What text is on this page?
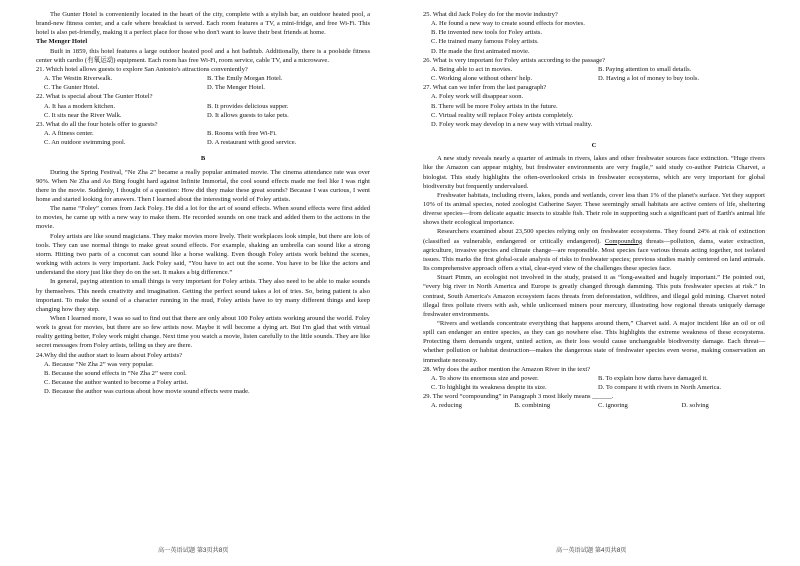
The Gunter Hotel is conveniently located in the heart of the city, complete with a stylish bar, an outdoor heated pool, a brand-new fitness center, and a cafe where breakfast is served. Each room features a TV, a mini-fridge, and free Wi-Fi. This hotel is also pet-friendly, making it a perfect place for those who don't want to leave their best friends at home.

The Menger Hotel

Built in 1859, this hotel features a large outdoor heated pool and a hot bathtub. Additionally, there is a poolside fitness center with cardio (有氧运动) equipment. Each room has free Wi-Fi, room service, cable TV, and a microwave.

21. Which hotel allows guests to explore San Antonio's attractions conveniently?

A. The Westin Riverwalk.	B. The Emily Morgan Hotel.
C. The Gunter Hotel.	D. The Menger Hotel.

22. What is special about The Gunter Hotel?

A. It has a modern kitchen.	B. It provides delicious supper.
C. It sits near the River Walk.	D. It allows guests to take pets.

23. What do all the four hotels offer to guests?

A. A fitness center.	B. Rooms with free Wi-Fi.
C. An outdoor swimming pool.	D. A restaurant with good service.
B

During the Spring Festival, “Ne Zha 2” became a really popular animated movie. The cinema attendance rate was over 90%. When Ne Zha and Ao Bing fought hard against Infinite Immortal, the cool sound effects made me feel like I was right there in the movie. Suddenly, I thought of a question: How did they make these great sounds? Because I was curious, I went home and started looking for answers. Then I learned about the interesting world of Foley artists.

The name “Foley” comes from Jack Foley. He did a lot for the art of sound effects. When sound effects were first added to movies, he came up with a new way to make them. He recorded sounds on one track and added them to the actions in the movie.

Foley artists are like sound magicians. They make movies more lively. Their workplaces look simple, but there are lots of tools. They can use normal things to make great sound effects. For example, shaking an umbrella can sound like a strong storm. Hitting two parts of a coconut can sound like a horse walking. Even though Foley artists work behind the scenes, working with actors is very important. Jack Foley said, “You have to act out the scene. You have to be like the actors and understand the story just like they do on the set. It makes a big difference.”

In general, paying attention to small things is very important for Foley artists. They also need to be able to make sounds by themselves. This needs creativity and imagination. Getting the perfect sound takes a lot of tries. So, being patient is also important. To make the sound of a character running in the mud, Foley artists have to try many different things and keep changing how they step.

When I learned more, I was so sad to find out that there are only about 100 Foley artists working around the world. Foley work is great for movies, but there are so few artists now. Maybe it will become a dying art. But I'm glad that with virtual reality getting better, Foley work might change. Next time you watch a movie, listen carefully to the little sounds. They are like secret messages from Foley artists, telling us they are there.

24.Why did the author start to learn about Foley artists?

A. Because “Ne Zha 2” was very popular.
B. Because the sound effects in “Ne Zha 2” were cool.
C. Because the author wanted to become a Foley artist.
D. Because the author was curious about how movie sound effects were made.

25. What did Jack Foley do for the movie industry?

A. He found a new way to create sound effects for movies.
B. He invented new tools for Foley artists.
C. He trained many famous Foley artists.
D. He made the first animated movie.

26. What is very important for Foley artists according to the passage?

A. Being able to act in movies.	B. Paying attention to small details.
C. Working alone without others' help.	D. Having a lot of money to buy tools.

27. What can we infer from the last paragraph?

A. Foley work will disappear soon.
B. There will be more Foley artists in the future.
C. Virtual reality will replace Foley artists completely.
D. Foley work may develop in a new way with virtual reality.
C

A new study reveals nearly a quarter of animals in rivers, lakes and other freshwater sources face extinction. “Huge rivers like the Amazon can appear mighty, but freshwater environments are very fragile,” said study co-author Patricia Charvet, a biologist. This study highlights the often-overlooked crisis in freshwater ecosystems, which are very important for global biodiversity but frequently undervalued.

Freshwater habitats, including rivers, lakes, ponds and wetlands, cover less than 1% of the planet's surface. Yet they support 10% of its animal species, noted zoologist Catherine Sayer. These seemingly small habitats are active centers of life, sheltering diverse species—from delicate aquatic insects to sizable fish. Their role in supporting such a significant part of Earth's animal life shows their ecological importance.

Researchers examined about 23,500 species relying only on freshwater ecosystems. They found 24% at risk of extinction (classified as vulnerable, endangered or critically endangered). Compounding threats—pollution, dams, water extraction, agriculture, invasive species and climate change—are responsible. Most species face various threats acting together, not isolated issues. This marks the first global-scale analysis of risks to freshwater species; previous studies mainly centered on land animals. Its comprehensive approach offers a vital, clear-eyed view of the challenges these species face.

Stuart Pimm, an ecologist not involved in the study, praised it as “long-awaited and hugely important.” He pointed out, “every big river in North America and Europe is greatly changed through damming. This puts freshwater species at risk.” In contrast, South America's Amazon ecosystem faces threats from deforestation, wildfires, and illegal gold mining. Charvet noted illegal fires pollute rivers with ash, while unlicensed miners pour mercury, illustrating how regional threats uniquely damage freshwater environments.

“Rivers and wetlands concentrate everything that happens around them,” Charvet said. A major incident like an oil or oil spill can endanger an entire species, as they can go nowhere else. This highlights the extreme weakness of these ecosystems. Protecting them demands urgent, united action, as their loss would cause unchangeable biodiversity damage. Each threat—whether pollution or habitat destruction—makes the dangerous state of freshwater species even worse, making conservation an immediate necessity.

28. Why does the author mention the Amazon River in the text?

A. To show its enormous size and power.	B. To explain how dams have damaged it.
C. To highlight its weakness despite its size.	D. To compare it with rivers in North America.

29. The word “compounding” in Paragraph 3 most likely means ______.

A. reducing	B. combining	C. ignoring	D. solving
高一英语试题 第3页共8页	高一英语试题 第4页共8页
